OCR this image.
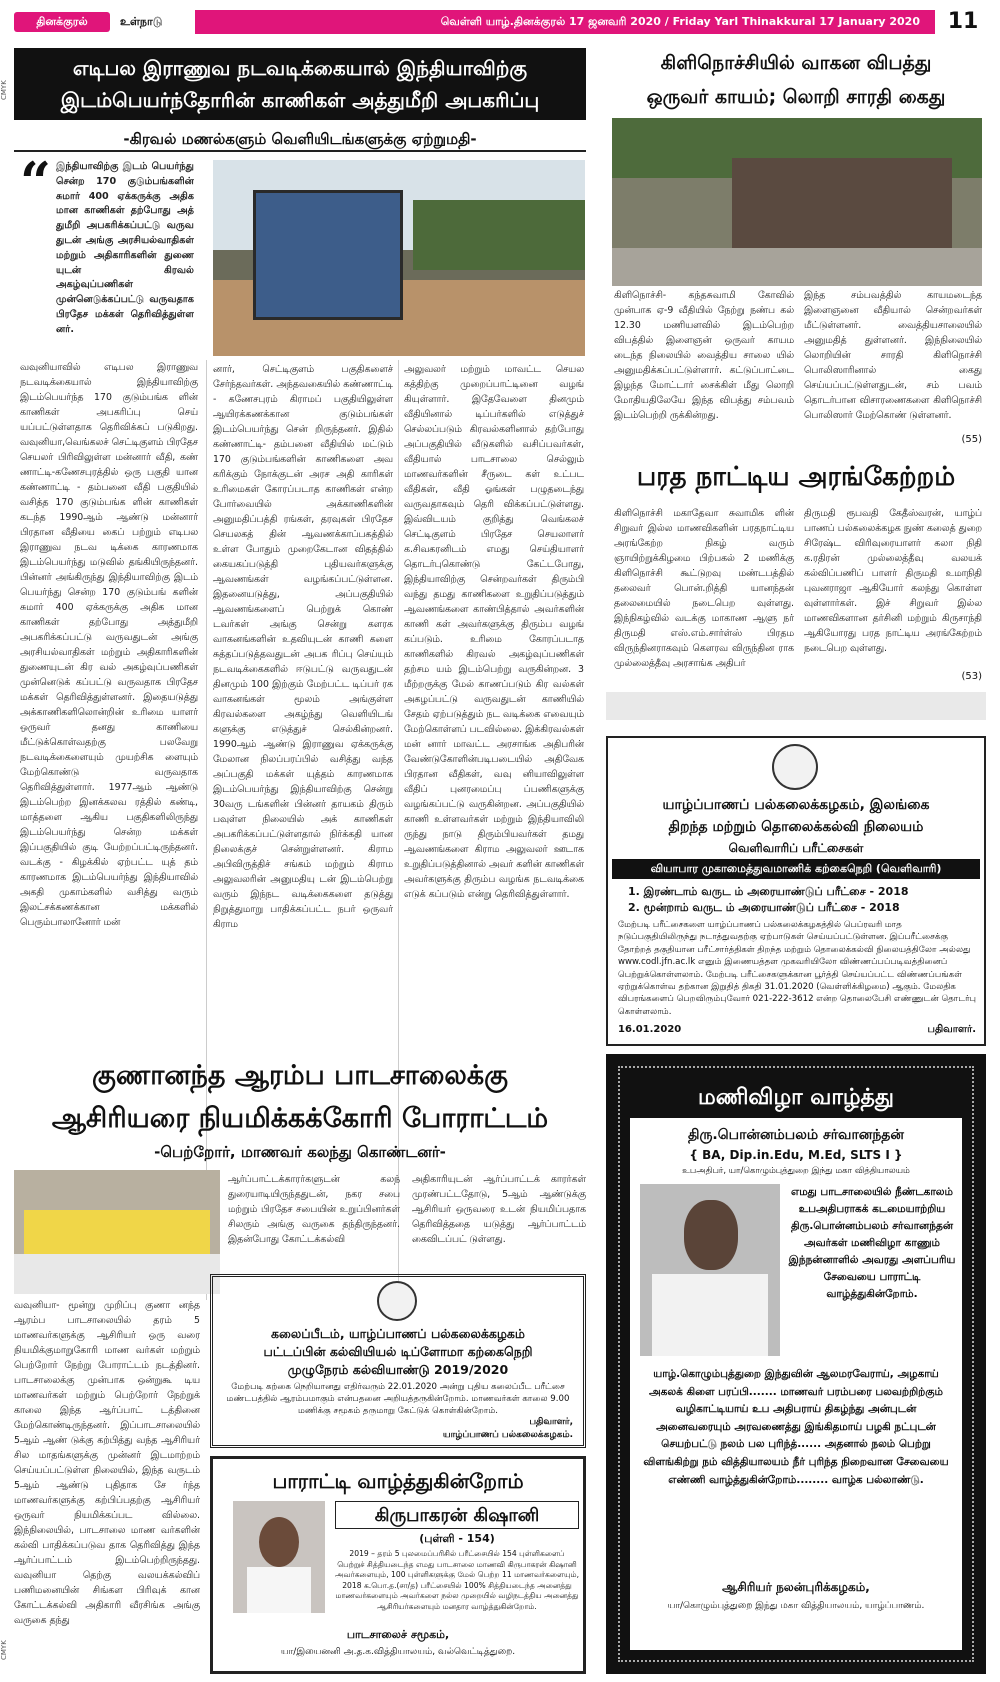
தினக்குரல்	உள்நாடு	வெள்ளி யாழ்.தினக்குரல் 17 ஜனவரி 2020 / Friday Yarl Thinakkural 17 January 2020	11
CMYK
CMYK
எடிபல இராணுவ நடவடிக்கையால் இந்தியாவிற்கு
இடம்பெயர்ந்தோரின் காணிகள் அத்துமீறி அபகரிப்பு
-கிரவல் மணல்களும் வெளியிடங்களுக்கு ஏற்றுமதி-
“ இந்தியாவிற்கு இடம் பெயர்ந்து சென்ற 170 குடும்பங்களின் சுமார் 400 ஏக்கருக்கு அதிக மான காணிகள் தற்போது அத் துமீறி அபகரிக்கப்பட்டு வருவ துடன் அங்கு அரசியல்வாதிகள் மற்றும் அதிகாரிகளின் துணை யுடன் கிரவல் அகழ்வுப்பணிகள் முன்னெடுக்கப்பட்டு வருவதாக பிரதேச மக்கள் தெரிவித்துள்ள னர்.
வவுனியாவில் எடிபல இராணுவ நடவடிக்கையால் இந்தியாவிற்கு இடம்பெயர்ந்த 170 குடும்பங்க ளின் காணிகள் அபகரிப்பு செய் யப்பட்டுள்ளதாக தெரிவிக்கப் படுகிறது. வவுனியா,வெங்கலச் செட்டிகுளம் பிரதேச செயலர் பிரிவிலுள்ள மன்னார் வீதி, கண் ணாட்டி-கணேசபுரத்தில் ஒரு பகுதி யான கண்ணாட்டி - தம்பனை வீதி பகுதியில் வசித்த 170 குடும்பங்க ளின் காணிகள் கடந்த 1990ஆம் ஆண்டு மன்னார் பிரதான வீதியை கைப் பற்றும் எடிபல இராணுவ நடவ டிக்கை காரணமாக இடம்பெயர்ந்து மடுவில் தங்கியிருந்தனர். பின்னர் அங்கிருந்து இந்தியாவிற்கு இடம் பெயர்ந்து சென்ற 170 குடும்பங் களின் சுமார் 400 ஏக்கருக்கு அதிக மான காணிகள் தற்போது அத்துமீறி அபகரிக்கப்பட்டு வருவதுடன் அங்கு அரசியல்வாதிகள் மற்றும் அதிகாரிகளின் துணையுடன் கிர வல் அகழ்வுப்பணிகள் முன்னெடுக் கப்பட்டு வருவதாக பிரதேச மக்கள் தெரிவித்துள்ளனர். இதையடுத்து அக்காணிகளிலொன்றின் உரிமை யாளர் ஒருவர் தனது காணியை மீட்டுக்கொள்வதற்கு பலவேறு நடவடிக்கைளையும் முயற்சிக ளையும் மேற்கொண்டு வருவதாக தெரிவித்துள்ளார். 1977ஆம் ஆண்டு இடம்பெற்ற இனக்கலவ ரத்தில் கண்டி, மாத்தளை ஆகிய பகுதிகளிலிருந்து இடம்பெயர்ந்து சென்ற மக்கள் இப்பகுதியில் குடி யேற்றப்பட்டிருந்தனர். வடக்கு - கிழக்கில் ஏற்பட்ட யுத் தம் காரணமாக இடம்பெயர்ந்து இந்தியாவில் அகதி முகாம்களில் வசித்து வரும் இலட்சக்கணக்கான மக்களில் பெரும்பாலானோர் மன்
னார், செட்டிகுளம் பகுதிகளைச் சேர்ந்தவர்கள். அந்தவகையில் கண்ணாட்டி - கணேசபுரம் கிராமப் பகுதியிலுள்ள ஆயிரக்கணக்கான குடும்பங்கள் இடம்பெயர்ந்து சென் றிருந்தனர். இதில் கண்ணாட்டி- தம்பனை வீதியில் மட்டும் 170 குடும்பங்களின் காணிகளை அவ கரிக்கும் நோக்குடன் அரச அதி காரிகள் உரிமைகள் கோரப்படாத காணிகள் என்ற போர்வையில் அக்காணிகளின் அனுமதிப்பத்தி ரங்கள், தரவுகள் பிரதேச செயலகத் தின் ஆவணக்காப்பகத்தில் உள்ள போதும் முறைகேடான விதத்தில் கையகப்படுத்தி புதியவர்களுக்கு ஆவணங்கள் வழங்கப்பட்டுள்ளன. இதனையடுத்து, அப்பகுதியில் ஆவணங்களைப் பெற்றுக் கொண் டவர்கள் அங்கு சென்று களரக வாகனங்களின் உதவியுடன் காணி களை சுத்தப்படுத்தவதுடன் அபக ரிப்பு செய்யும் நடவடிக்கைகளில் ஈடுபட்டு வருவதுடன் தினமும் 100 இற்கும் மேற்பட்ட டிப்பர் ரக வாகனங்கள் மூலம் அங்குள்ள கிரவல்களை அகழ்ந்து வெளியிடங் களுக்கு எடுத்துச் செல்கின்றனர். 1990ஆம் ஆண்டு இராணுவ ஏக்கருக்கு மேலான நிலப்பரப்பில் வசித்து வந்த அப்பகுதி மக்கள் யுத்தம் காரணமாக இடம்பெயர்ந்து இந்தியாவிற்கு சென்று 30வரு டங்களின் பின்னர் தாயகம் திரும் பவுள்ள நிலையில் அக் காணிகள் அபகரிக்கப்பட்டுள்ளதால் நிர்க்கதி யான நிலைக்குச் சென்றுள்ளனர். கிராம அபிவிருத்திச் சங்கம் மற்றும் கிராம அலுவலரின் அனுமதியு டன் இடம்பெற்று வரும் இந்நட வடிக்கைகளை தடுத்து நிறுத்துமாறு பாதிக்கப்பட்ட நபர் ஒருவர் கிராம
அலுவலர் மற்றும் மாவட்ட செயல கத்திற்கு முறைப்பாட்டினை வழங் கியுள்ளார். இதேவேளை தினமும் வீதியினால் டிப்பர்களில் எடுத்துச் செல்லப்படும் கிரவல்களினால் தற்போது அப்பகுதியில் வீடுகளில் வசிப்பவர்கள், வீதியால் பாடசாலை செல்லும் மாணவர்களின் சீருடை கள் உட்பட வீதிகள், வீதி ஓங்கள் பழுதடைந்து வருவதாகவும் தெரி விக்கப்பட்டுள்ளது. இவ்விடயம் குறித்து வெங்கலச் செட்டிகுளம் பிரதேச செயலாளர் க.சிவகரனிடம் எமது செய்தியாளர் தொடர்புகொண்டு கேட்டபோது, இந்தியாவிற்கு சென்றவர்கள் திரும்பி வந்து தமது காணிகளை உறுதிப்படுத்தும் ஆவணங்களை காண்பித்தால் அவர்களின் காணி கள் அவர்களுக்கு திரும்ப வழங் கப்படும். உரிமை கோரப்படாத காணிகளில் கிரவல் அகழ்வுப்பணிகள் தற்சம யம் இடம்பெற்று வருகின்றன. 3 மீற்றருக்கு மேல் காணப்படும் கிர வல்கள் அகழப்பட்டு வருவதுடன் காணியில் சேதம் ஏற்படுத்தும் நட வடிக்கை எவையும் மேற்கொள்ளப் படவில்லை. இக்கிரவல்கள் மன் னார் மாவட்ட அரசாங்க அதிபரின் வேண்டுகோளின்படிபடையில் அதிவேக பிரதான வீதிகள், வவு னியாவிலுள்ள வீதிப் புனரமைப்பு ப்பணிகளுக்கு வழங்கப்பட்டு வருகின்றன. அப்பகுதியில் காணி உள்ளவர்கள் மற்றும் இந்தியாவிலி ருந்து நாடு திரும்பியவர்கள் தமது ஆவணங்களை கிராம அலுவலர் ஊடாக உறுதிப்படுத்தினால் அவர் களின் காணிகள் அவர்களுக்கு திரும்ப வழங்க நடவடிக்கை எடுக் கப்படும் என்று தெரிவித்துள்ளார்.
கிளிநொச்சியில் வாகன விபத்து
ஒருவர் காயம்; லொறி சாரதி கைது
கிளிநொச்சி- கந்தசுவாமி கோவில் முன்பாக ஏ-9 வீதியில் நேற்று நண்ப கல் 12.30 மணியளவில் இடம்பெற்ற விபத்தில் இளைஞன் ஒருவர் காயம டைந்த நிலையில் வைத்திய சாலை யில் அனுமதிக்கப்பட்டுள்ளார். கட்டுப்பாட்டை இழந்த மோட்டார் சைக்கிள் மீது லொறி மோதியதிலேயே இந்த விபத்து சம்பவம் இடம்பெற்றி ருக்கின்றது.
இந்த சம்பவத்தில் காயமடைந்த இளைஞனை வீதியால் சென்றவர்கள் மீட்டுள்ளனர். வைத்தியசாலையில் அனுமதித் துள்ளனர். இந்நிலையில் லொறியின் சாரதி கிளிநொச்சி பொலிஸாரினால் கைது செய்யப்பட்டுள்ளதுடன், சம் பவம் தொடர்பான விசாரணைகளை கிளிநொச்சி பொலிஸார் மேற்கொண் டுள்ளனர்.
(55)
பரத நாட்டிய அரங்கேற்றம்
கிளிநொச்சி மகாதேவா சுவாமிக ளின் சிறுவர் இல்ல மாணவிகளின் பரதநாட்டிய அரங்கேற்ற நிகழ் வரும் ஞாயிற்றுக்கிழமை பிற்பகல் 2 மணிக்கு கிளிநொச்சி கூட்டுறவு மண்டபத்தில் தலைவர் பொன்.றித்தி யானந்தன் தலைமையில் நடைபெற வுள்ளது. இந்நிகழ்வில் வடக்கு மாகாண ஆளு நர் திருமதி எஸ்.எம்.சார்ள்ஸ் பிரதம விருந்தினராகவும் கௌரவ விருந்தின ராக முல்லைத்தீவு அரசாங்க அதிபர்
திருமதி ரூபவதி கேதீஸ்வரன், யாழ்ப் பாணப் பல்கலைக்கழக நுண் கலைத் துறை சிரேஷ்ட விரிவுரையாளர் கலா நிதி க.ரதிரன் முல்லைத்தீவு வலயக் கல்விப்பணிப் பாளர் திருமதி உமாநிதி புவனராஜா ஆகியோர் கலந்து கொள்ள வுள்ளார்கள். இச் சிறுவர் இல்ல மாணவிகளான தர்சினி மற்றும் கிருசாந்தி ஆகியோரது பரத நாட்டிய அரங்கேற்றம் நடைபெற வுள்ளது.
(53)
யாழ்ப்பாணப் பல்கலைக்கழகம், இலங்கை
திறந்த மற்றும் தொலைக்கல்வி நிலையம்
வெளிவாரிப் பரீட்சைகள்
வியாபார முகாமைத்துவமாணிக் கற்கைநெறி (வெளிவாரி)
1. இரண்டாம் வருட ம் அரையாண்டுப் பரீட்சை - 2018
2. மூன்றாம் வருட ம் அரையாண்டுப் பரீட்சை - 2018
மேற்படி பரீட்சைகளை யாழ்ப்பாணப் பல்கலைக்கழகத்தில் பெப்ரவரி மாத நடுப்பகுதியிலிருந்து நடாத்துவதற்கு ஏற்பாடுகள் செய்யப்பட்டுள்ளன. இப்பரீட்சைக்கு தோற்றத் தகுதியான பரீட்சார்த்திகள் திறந்த மற்றும் தொலைக்கல்வி நிலையத்திலோ அல்லது www.codl.jfn.ac.lk எனும் இணையத்தள முகவரியிலோ விண்ணப்பப்படிவத்தினைப் பெற்றுக்கொள்ளலாம். மேற்படி பரீட்சைகளுக்கான பூர்த்தி செய்யப்பட்ட விண்ணப்பங்கள் ஏற்றுக்கொள்வ தற்கான இறுதித் திகதி 31.01.2020 (வெள்ளிக்கிழமை) ஆகும். மேலதிக விபரங்களைப் பெறவிரும்புவோர் 021-222-3612 என்ற தொலைபேசி எண்ணுடன் தொடர்பு கொள்ளலாம்.
16.01.2020	பதிவாளர்.
குணானந்த ஆரம்ப பாடசாலைக்கு
ஆசிரியரை நியமிக்கக்கோரி போராட்டம்
-பெற்றோர், மாணவர் கலந்து கொண்டனர்-
ஆர்ப்பாட்டக்காரர்களுடன் கலந் துரையாடியிருந்ததுடன், நகர சபை மற்றும் பிரதேச சபையின் உறுப்பினர்கள் சிலரும் அங்கு வருகை தந்திருந்தனர். இதன்போது கோட்டக்கல்வி
அதிகாரியுடன் ஆர்ப்பாட்டக் காரர்கள் முரண்பட்டதோடு, 5ஆம் ஆண்டுக்கு ஆசிரியர் ஒருவரை உடன் நியமிப்பதாக தெரிவித்ததை யடுத்து ஆர்ப்பாட்டம் கைவிடப்பட் டுள்ளது.
வவுனியா- மூன்று முறிப்பு குணா னந்த ஆரம்ப பாடசாலையில் தரம் 5 மாணவர்களுக்கு ஆசிரியர் ஒரு வரை நியமிக்குமாறுகோரி மாண வர்கள் மற்றும் பெற்றோர் நேற்று போராட்டம் நடத்தினர். பாடசாலைக்கு முன்பாக ஒன்றுகூ டிய மாணவர்கள் மற்றும் பெற்றோர் நேற்றுக் காலை இந்த ஆர்ப்பாட் டத்தினை மேற்கொண்டிருந்தனர். இப்பாடசாலையில் 5ஆம் ஆண் டுக்கு கற்பித்து வந்த ஆசிரியர் சில மாதங்களுக்கு முன்னர் இடமாற்றம் செய்யப்பட்டுள்ள நிலையில், இந்த வருடம் 5ஆம் ஆண்டு புதிதாக சே ர்ந்த மாணவர்களுக்கு கற்பிப்பதற்கு ஆசிரியர் ஒருவர் நியமிக்கப்பட வில்லை. இந்நிலையில், பாடசாலை மாண வர்களின் கல்வி பாதிக்கப்படுவ தாக தெரிவித்து இந்த ஆர்ப்பாட்டம் இடம்பெற்றிருந்தது. வவுனியா தெற்கு வலயக்கல்விப் பணிமனையின் சிங்கள பிரிவுக் கான கோட்டக்கல்வி அதிகாரி வீரசிங்க அங்கு வருகை தந்து
கலைப்பீடம், யாழ்ப்பாணப் பல்கலைக்கழகம்
பட்டப்பின் கல்வியியல் டிப்ளோமா கற்கைநெறி
முழுநேரம் கல்வியாண்டு 2019/2020
மேற்படி கற்கை நெறியானது எதிர்வரும் 22.01.2020 அன்று புதிய கலைப்பீட பரீட்சை மண்டபத்தில் ஆரம்பமாகும் என்பதனை அறியத்தருகின்றோம். மாணவர்கள் காலை 9.00 மணிக்கு சமூகம் தருமாறு கேட்டுக் கொள்கின்றோம்.
பதிவாளர்,
யாழ்ப்பாணப் பல்கலைக்கழகம்.
பாராட்டி வாழ்த்துகின்றோம்
கிருபாகரன் கிஷானி
(புள்ளி - 154)
2019 – தரம் 5 புலமைப்பரிசில் பரீட்சையில் 154 புள்ளிகளைப் பெற்றுச் சித்தியடைந்த எமது பாடசாலை மாணவி கிருபாகரன் கிஷானி அவர்களையும், 100 புள்ளிகளுக்கு மேல் பெற்ற 11 மாணவர்களையும், 2018 க.பொ.த.(சா/த) பரீட்சையில் 100% சித்தியடைந்த அனைத்து மாணவர்களையும் அவர்களை நல்ல முறையில் வழிநடத்திய அனைத்து ஆசிரியர்களையும் மனதார வாழ்த்துகின்றோம்.
பாடசாலைச் சமூகம்,
யா/இயைனனி அ.த.க.வித்தியாலயம், வல்வெட்டித்துறை.
மணிவிழா வாழ்த்து
திரு.பொன்னம்பலம் சர்வானந்தன்
{ BA, Dip.in.Edu, M.Ed, SLTS I }
உபஅதிபர், யா/கொழும்புத்துறை இந்து மகா வித்தியாலயம்
எமது பாடசாலையில் நீண்டகாலம் உபஅதிபராகக் கடமையாற்றிய திரு.பொன்னம்பலம் சர்வானந்தன் அவர்கள் மணிவிழா காணும் இந்நன்னாளில் அவரது அளப்பரிய சேவையை பாராட்டி வாழ்த்துகின்றோம்.
யாழ்.கொழும்புத்துறை இந்துவின் ஆலமரவேராய், அழகாய் அகலக் கிளை பரப்பி....... மாணவர் பரம்பரை பலவற்றிற்கும் வழிகாட்டியாய் உப அதிபராய் திகழ்ந்து அன்புடன் அனைவரையும் அரவணைத்து இங்கிதமாய் பழகி நட்புடன் செயற்பட்டு நலம் பல புரிந்த்...... அதனால் நலம் பெற்று விளங்கிற்று நம் வித்தியாலயம் நீர் புரிந்த நிறைவான சேவையை எண்ணி வாழ்த்துகின்றோம்........ வாழ்க பல்லாண்டு.
ஆசிரியர் நலன்புரிக்கழகம்,
யா/கொழும்புத்துறை இந்து மகா வித்தியாலயம், யாழ்ப்பாணம்.
